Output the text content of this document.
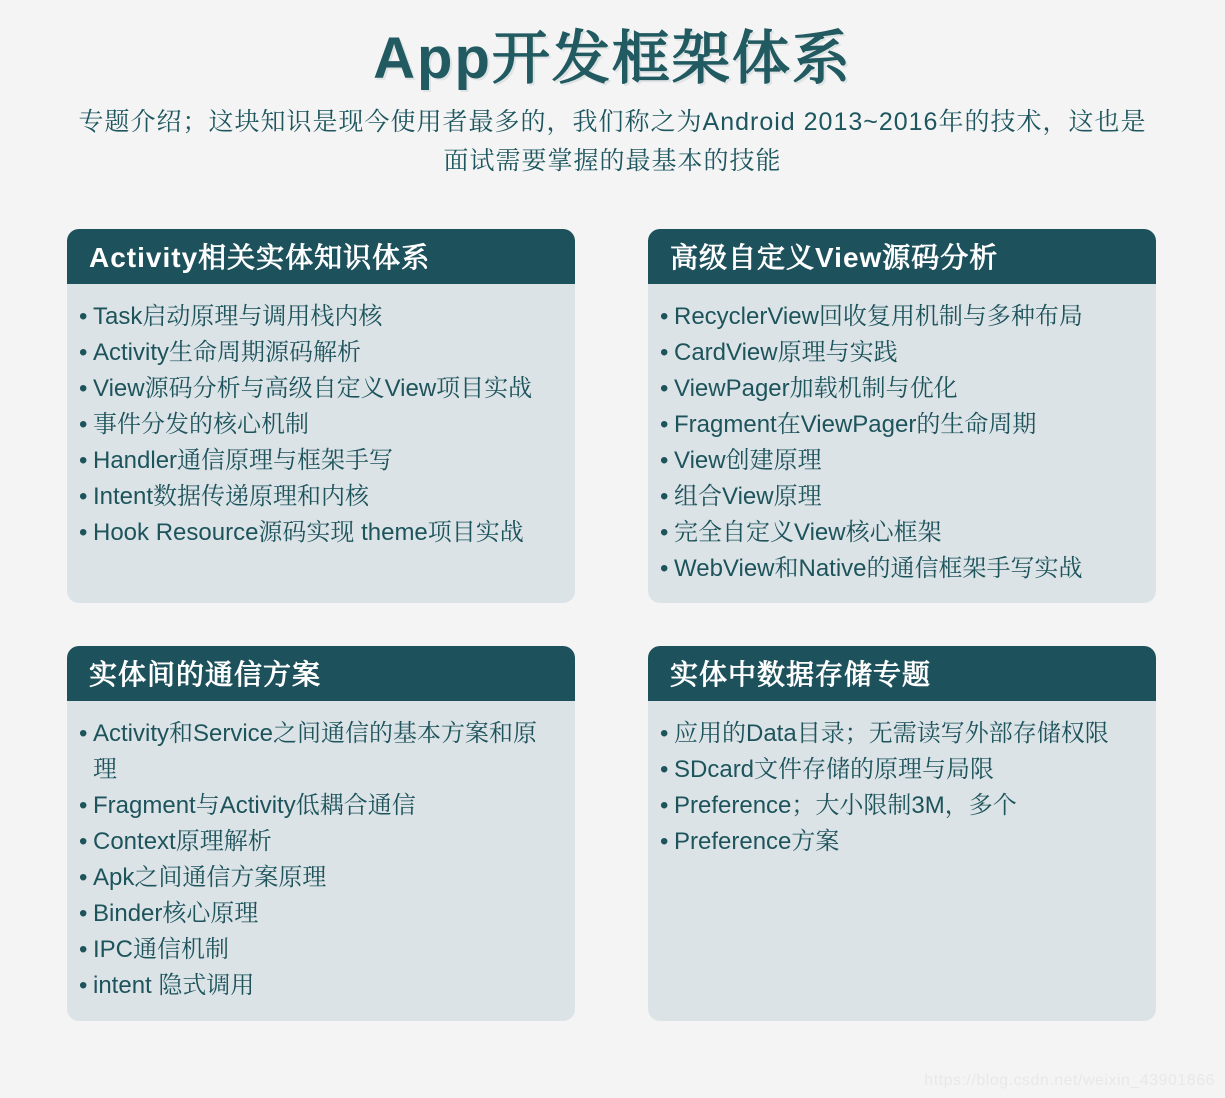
App开发框架体系

专题介绍；这块知识是现今使用者最多的，我们称之为Android 2013~2016年的技术，这也是面试需要掌握的最基本的技能

Activity相关实体知识体系
• Task启动原理与调用栈内核
• Activity生命周期源码解析
• View源码分析与高级自定义View项目实战
• 事件分发的核心机制
• Handler通信原理与框架手写
• Intent数据传递原理和内核
• Hook Resource源码实现 theme项目实战
高级自定义View源码分析
• RecyclerView回收复用机制与多种布局
• CardView原理与实践
• ViewPager加载机制与优化
• Fragment在ViewPager的生命周期
• View创建原理
• 组合View原理
• 完全自定义View核心框架
• WebView和Native的通信框架手写实战
实体间的通信方案
• Activity和Service之间通信的基本方案和原理
• Fragment与Activity低耦合通信
• Context原理解析
• Apk之间通信方案原理
• Binder核心原理
• IPC通信机制
• intent 隐式调用
实体中数据存储专题
• 应用的Data目录；无需读写外部存储权限
• SDcard文件存储的原理与局限
• Preference；大小限制3M，多个
• Preference方案
https://blog.csdn.net/weixin_43901866
